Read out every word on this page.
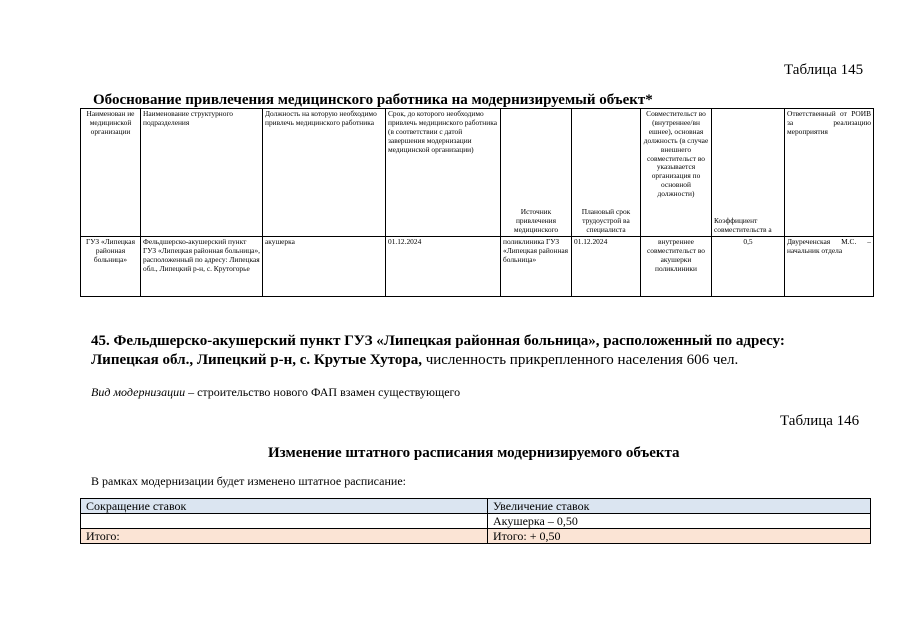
Таблица 145
Обоснование привлечения медицинского работника на модернизируемый объект*
Наименован ие медицинской организации	Наименование структурного подразделения	Должность на которую необходимо привлечь медицинского работника	Срок, до которого необходимо привлечь медицинского работника (в соответствии с датой завершения модернизации медицинской организации)	Источник привлечения медицинского	Плановый срок трудоустрой ва специалиста	Совместительст во (внутреннее/вн ешнее), основная должность (в случае внешнего совместительст во указывается организация по основной должности)	Коэффициент совместительств а	Ответственный от РОИВ за реализацию мероприятия
ГУЗ «Липецкая районная больница»	Фельдшерско-акушерский пункт ГУЗ «Липецкая районная больница», расположенный по адресу: Липецкая обл., Липецкий р-н, с. Крутогорье	акушерка	01.12.2024	поликлиника ГУЗ «Липецкая районная больница»	01.12.2024	внутреннее совместительст во акушерки поликлиники	0,5	Двуреченская М.С. – начальник отдела
45. Фельдшерско-акушерский пункт ГУЗ «Липецкая районная больница», расположенный по адресу: Липецкая обл., Липецкий р-н, с. Крутые Хутора, численность прикрепленного населения 606 чел.
Вид модернизации – строительство нового ФАП взамен существующего
Таблица 146
Изменение штатного расписания модернизируемого объекта
В рамках модернизации будет изменено штатное расписание:
Сокращение ставок	Увеличение ставок
	Акушерка – 0,50
Итого:	Итого: + 0,50
